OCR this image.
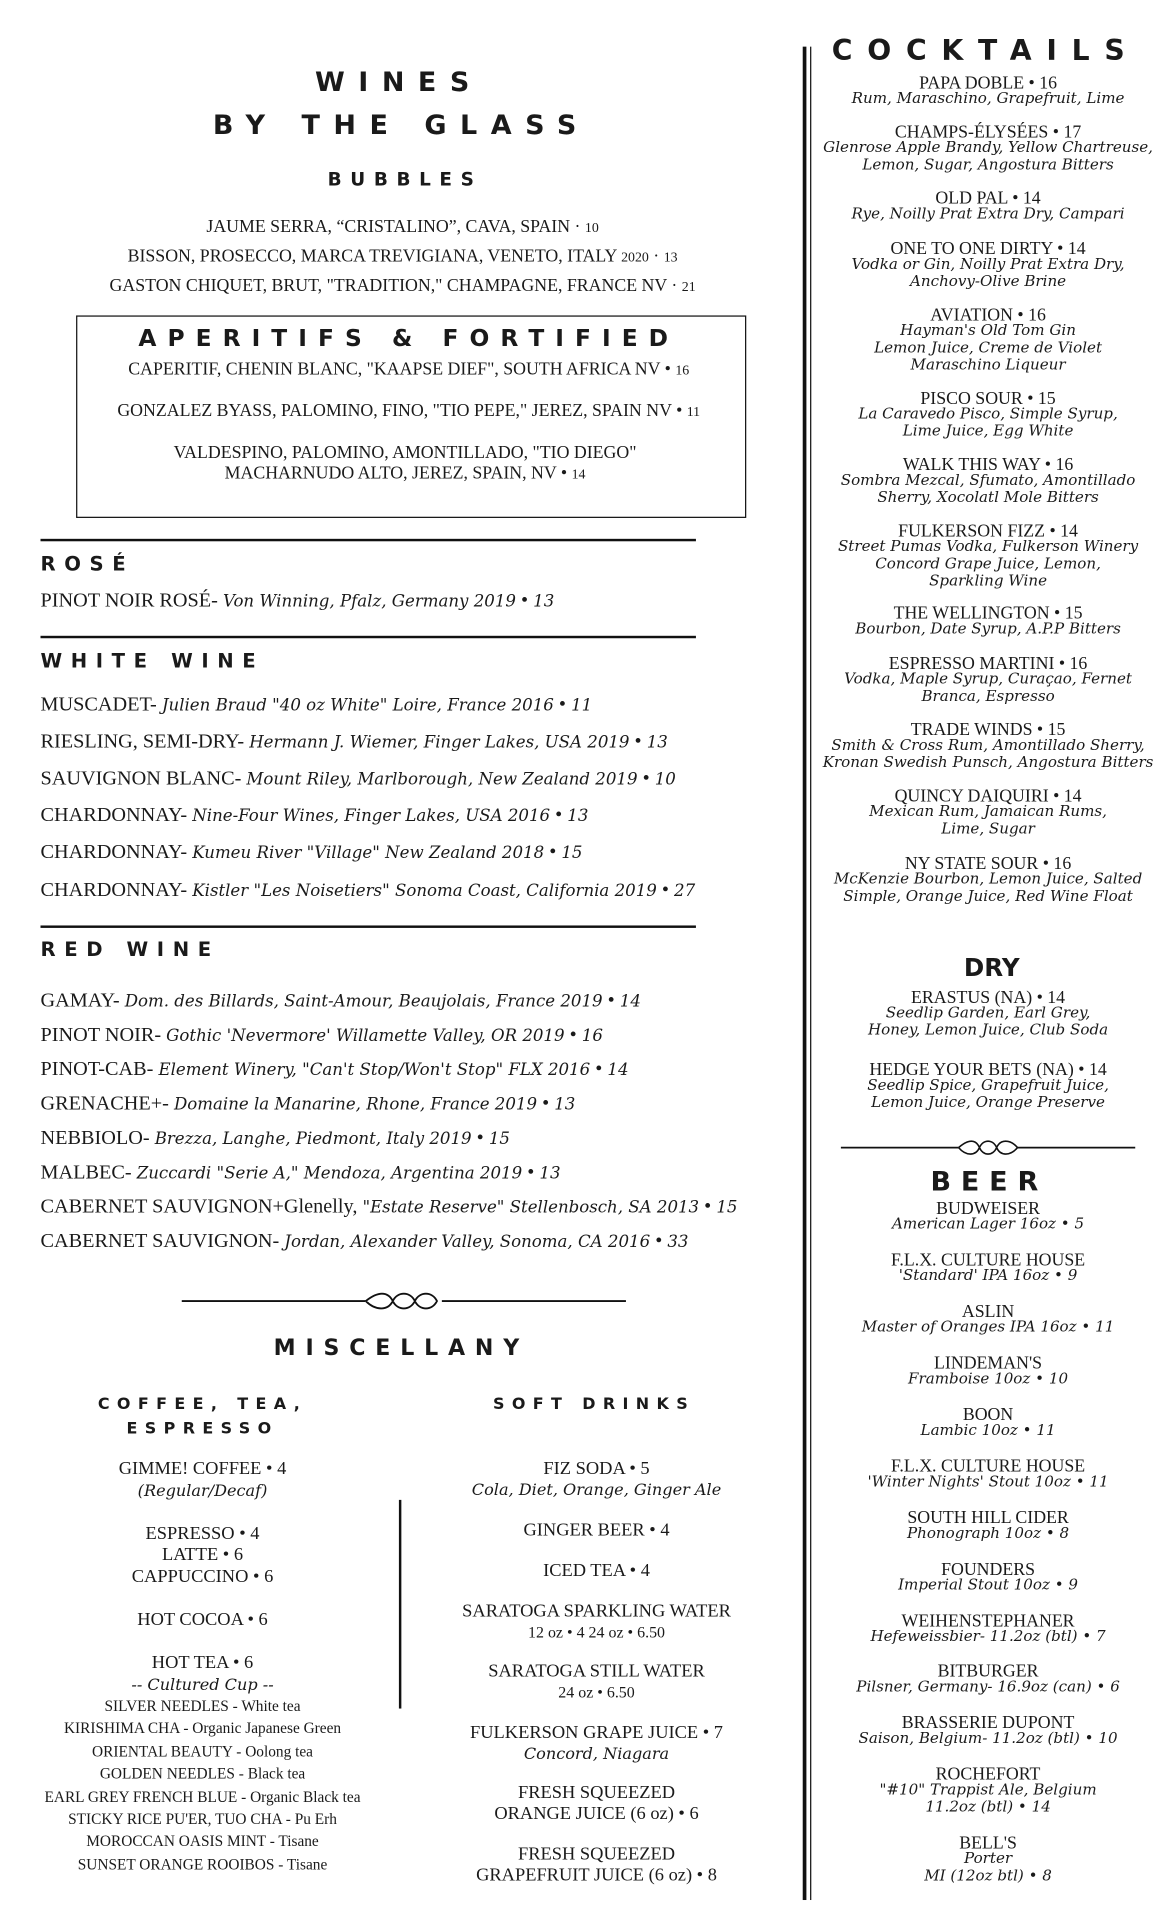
WINES
BY THE GLASS
BUBBLES
JAUME SERRA, “CRISTALINO”, CAVA, SPAIN · 10
BISSON, PROSECCO, MARCA TREVIGIANA, VENETO, ITALY 2020 · 13
GASTON CHIQUET, BRUT, "TRADITION," CHAMPAGNE, FRANCE NV · 21
APERITIFS & FORTIFIED
CAPERITIF, CHENIN BLANC, "KAAPSE DIEF", SOUTH AFRICA NV • 16
GONZALEZ BYASS, PALOMINO, FINO, "TIO PEPE," JEREZ, SPAIN NV • 11
VALDESPINO, PALOMINO, AMONTILLADO, "TIO DIEGO"
MACHARNUDO ALTO, JEREZ, SPAIN, NV • 14
ROSÉ
PINOT NOIR ROSÉ- Von Winning, Pfalz, Germany 2019 • 13
WHITE WINE
MUSCADET- Julien Braud "40 oz White" Loire, France 2016 • 11
RIESLING, SEMI-DRY- Hermann J. Wiemer, Finger Lakes, USA 2019 • 13
SAUVIGNON BLANC- Mount Riley, Marlborough, New Zealand 2019 • 10
CHARDONNAY- Nine-Four Wines, Finger Lakes, USA 2016 • 13
CHARDONNAY- Kumeu River "Village" New Zealand 2018 • 15
CHARDONNAY- Kistler "Les Noisetiers" Sonoma Coast, California 2019 • 27
RED WINE
GAMAY- Dom. des Billards, Saint-Amour, Beaujolais, France 2019 • 14
PINOT NOIR- Gothic 'Nevermore' Willamette Valley, OR 2019 • 16
PINOT-CAB- Element Winery, "Can't Stop/Won't Stop" FLX 2016 • 14
GRENACHE+- Domaine la Manarine, Rhone, France 2019 • 13
NEBBIOLO- Brezza, Langhe, Piedmont, Italy 2019 • 15
MALBEC- Zuccardi "Serie A," Mendoza, Argentina 2019 • 13
CABERNET SAUVIGNON+Glenelly, "Estate Reserve" Stellenbosch, SA 2013 • 15
CABERNET SAUVIGNON- Jordan, Alexander Valley, Sonoma, CA 2016 • 33
MISCELLANY
COFFEE, TEA,
ESPRESSO
SOFT DRINKS
GIMME! COFFEE • 4
(Regular/Decaf)
ESPRESSO • 4
LATTE • 6
CAPPUCCINO • 6
HOT COCOA • 6
HOT TEA • 6
-- Cultured Cup --
SILVER NEEDLES - White tea
KIRISHIMA CHA - Organic Japanese Green
ORIENTAL BEAUTY - Oolong tea
GOLDEN NEEDLES - Black tea
EARL GREY FRENCH BLUE - Organic Black tea
STICKY RICE PU'ER, TUO CHA - Pu Erh
MOROCCAN OASIS MINT - Tisane
SUNSET ORANGE ROOIBOS - Tisane
FIZ SODA • 5
Cola, Diet, Orange, Ginger Ale
GINGER BEER • 4
ICED TEA • 4
SARATOGA SPARKLING WATER
12 oz • 4 24 oz • 6.50
SARATOGA STILL WATER
24 oz • 6.50
FULKERSON GRAPE JUICE • 7
Concord, Niagara
FRESH SQUEEZED
ORANGE JUICE (6 oz) • 6
FRESH SQUEEZED
GRAPEFRUIT JUICE (6 oz) • 8
COCKTAILS
PAPA DOBLE • 16
Rum, Maraschino, Grapefruit, Lime
CHAMPS-ÉLYSÉES • 17
Glenrose Apple Brandy, Yellow Chartreuse,
Lemon, Sugar, Angostura Bitters
OLD PAL • 14
Rye, Noilly Prat Extra Dry, Campari
ONE TO ONE DIRTY • 14
Vodka or Gin, Noilly Prat Extra Dry,
Anchovy-Olive Brine
AVIATION • 16
Hayman's Old Tom Gin
Lemon Juice, Creme de Violet
Maraschino Liqueur
PISCO SOUR • 15
La Caravedo Pisco, Simple Syrup,
Lime Juice, Egg White
WALK THIS WAY • 16
Sombra Mezcal, Sfumato, Amontillado
Sherry, Xocolatl Mole Bitters
FULKERSON FIZZ • 14
Street Pumas Vodka, Fulkerson Winery
Concord Grape Juice, Lemon,
Sparkling Wine
THE WELLINGTON • 15
Bourbon, Date Syrup, A.P.P Bitters
ESPRESSO MARTINI • 16
Vodka, Maple Syrup, Curaçao, Fernet
Branca, Espresso
TRADE WINDS • 15
Smith & Cross Rum, Amontillado Sherry,
Kronan Swedish Punsch, Angostura Bitters
QUINCY DAIQUIRI • 14
Mexican Rum, Jamaican Rums,
Lime, Sugar
NY STATE SOUR • 16
McKenzie Bourbon, Lemon Juice, Salted
Simple, Orange Juice, Red Wine Float
DRY
ERASTUS (NA) • 14
Seedlip Garden, Earl Grey,
Honey, Lemon Juice, Club Soda
HEDGE YOUR BETS (NA) • 14
Seedlip Spice, Grapefruit Juice,
Lemon Juice, Orange Preserve
BEER
BUDWEISER
American Lager 16oz • 5
F.L.X. CULTURE HOUSE
'Standard' IPA 16oz • 9
ASLIN
Master of Oranges IPA 16oz • 11
LINDEMAN'S
Framboise 10oz • 10
BOON
Lambic 10oz • 11
F.L.X. CULTURE HOUSE
'Winter Nights' Stout 10oz • 11
SOUTH HILL CIDER
Phonograph 10oz • 8
FOUNDERS
Imperial Stout 10oz • 9
WEIHENSTEPHANER
Hefeweissbier- 11.2oz (btl) • 7
BITBURGER
Pilsner, Germany- 16.9oz (can) • 6
BRASSERIE DUPONT
Saison, Belgium- 11.2oz (btl) • 10
ROCHEFORT
"#10" Trappist Ale, Belgium
11.2oz (btl) • 14
BELL'S
Porter
MI (12oz btl) • 8
